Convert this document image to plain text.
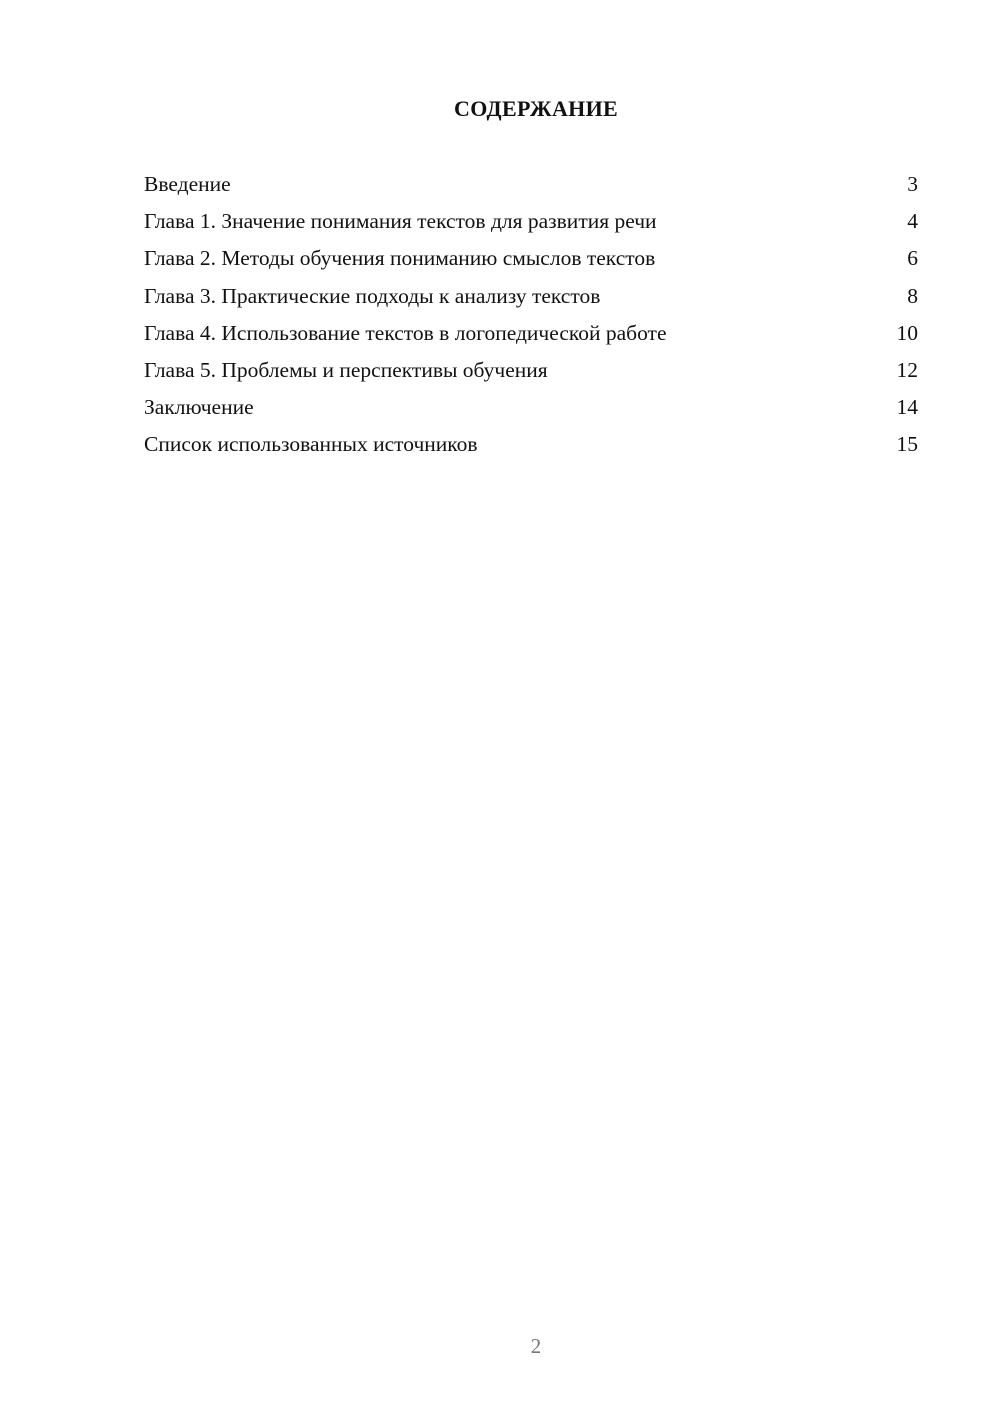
СОДЕРЖАНИЕ
Введение	3
Глава 1. Значение понимания текстов для развития речи	4
Глава 2. Методы обучения пониманию смыслов текстов	6
Глава 3. Практические подходы к анализу текстов	8
Глава 4. Использование текстов в логопедической работе	10
Глава 5. Проблемы и перспективы обучения	12
Заключение	14
Список использованных источников	15
2
